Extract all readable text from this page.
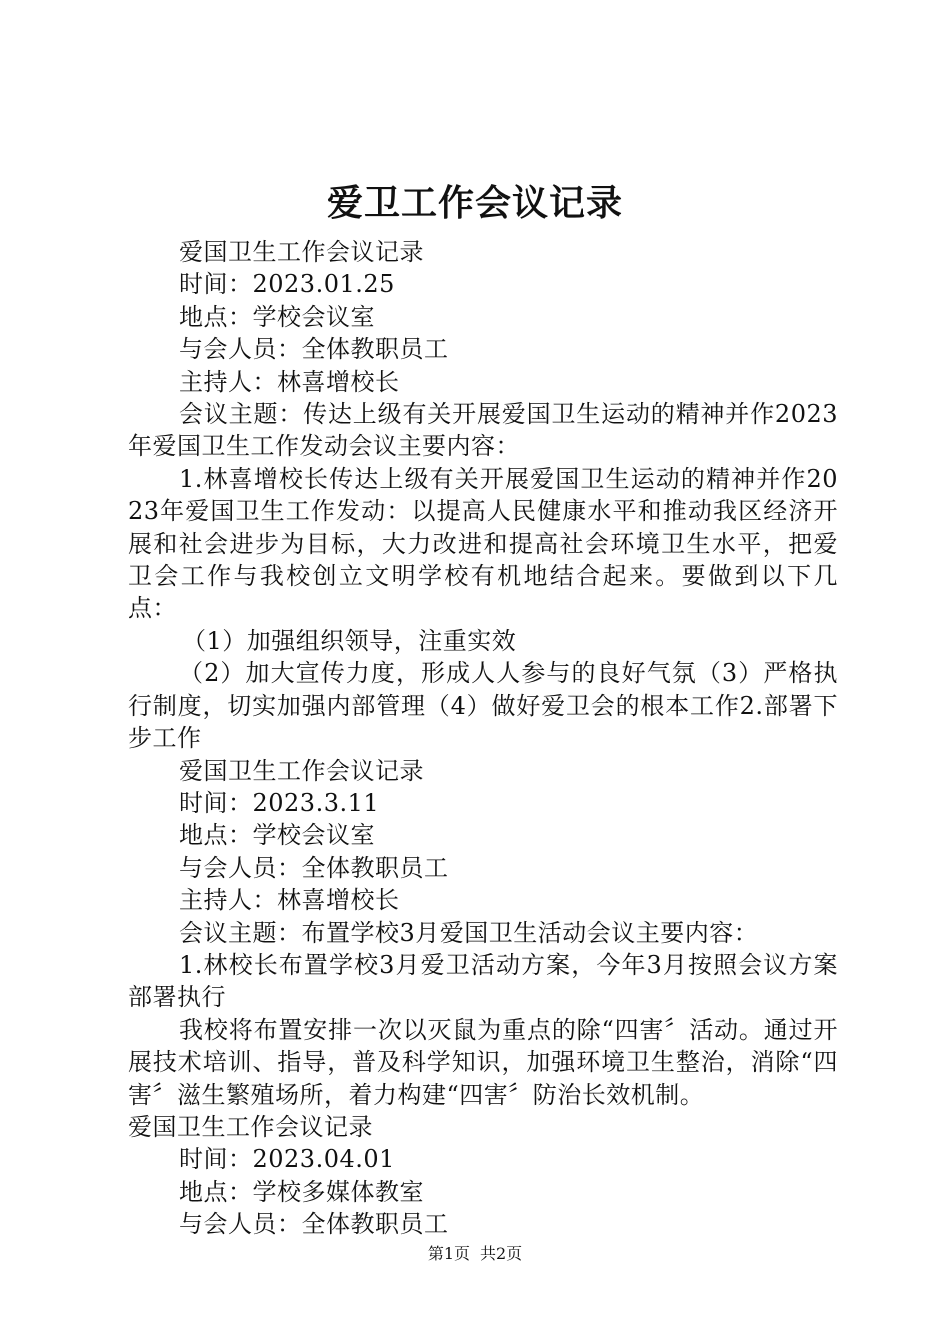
爱卫工作会议记录

爱国卫生工作会议记录

时间：2023.01.25

地点：学校会议室

与会人员：全体教职员工

主持人：林喜增校长

会议主题：传达上级有关开展爱国卫生运动的精神并作2023年爱国卫生工作发动会议主要内容：

1.林喜增校长传达上级有关开展爱国卫生运动的精神并作2023年爱国卫生工作发动：以提高人民健康水平和推动我区经济开展和社会进步为目标，大力改进和提高社会环境卫生水平，把爱卫会工作与我校创立文明学校有机地结合起来。要做到以下几点：

（1）加强组织领导，注重实效

（2）加大宣传力度，形成人人参与的良好气氛（3）严格执行制度，切实加强内部管理（4）做好爱卫会的根本工作2.部署下步工作

爱国卫生工作会议记录

时间：2023.3.11

地点：学校会议室

与会人员：全体教职员工

主持人：林喜增校长

会议主题：布置学校3月爱国卫生活动会议主要内容：

1.林校长布置学校3月爱卫活动方案，今年3月按照会议方案部署执行

我校将布置安排一次以灭鼠为重点的除“四害〞活动。通过开展技术培训、指导，普及科学知识，加强环境卫生整治，消除“四害〞滋生繁殖场所，着力构建“四害〞防治长效机制。

爱国卫生工作会议记录

时间：2023.04.01

地点：学校多媒体教室

与会人员：全体教职员工

第1页 共2页
